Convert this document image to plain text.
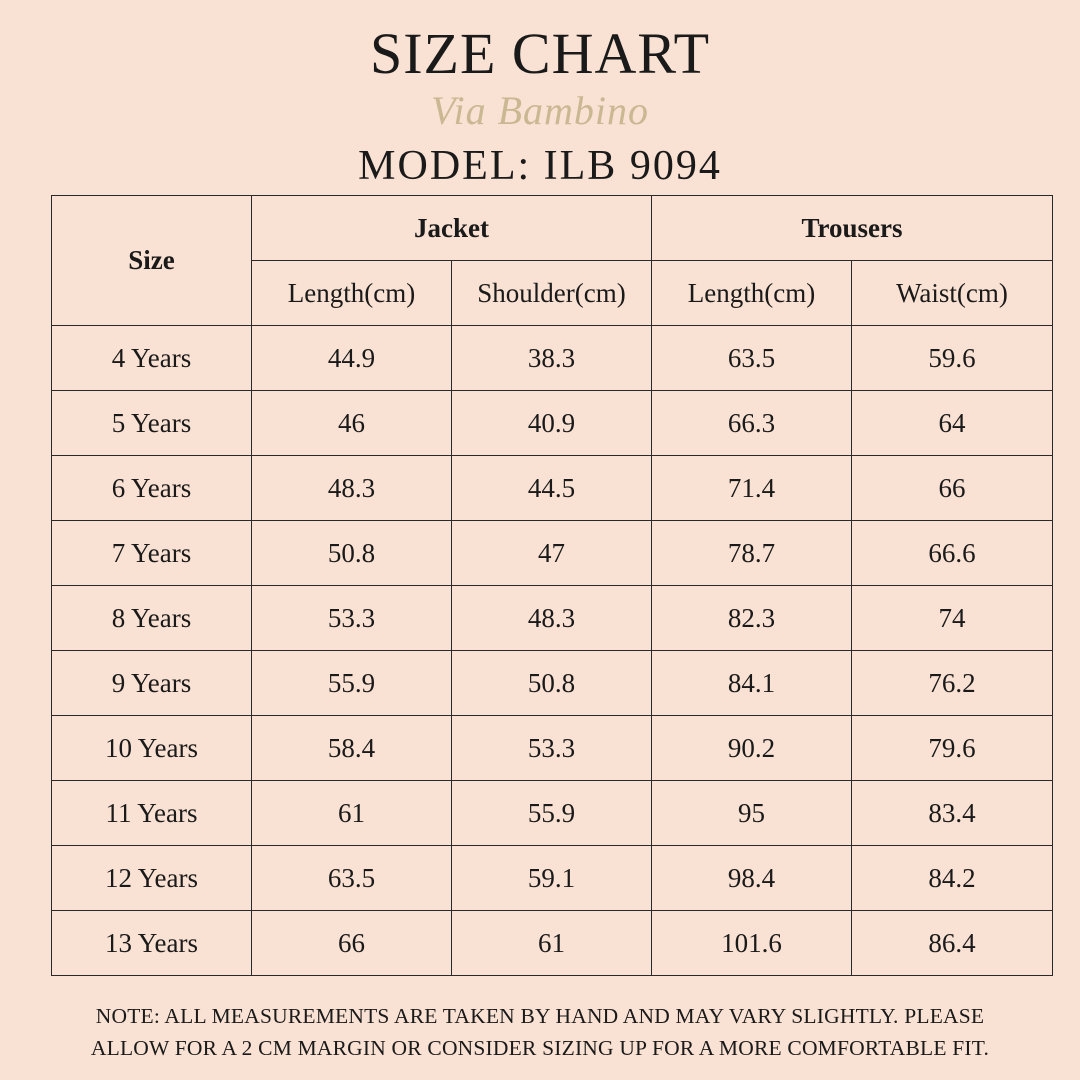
SIZE CHART
Via Bambino
MODEL: ILB 9094
Size	Jacket		Trousers	
	Length(cm)	Shoulder(cm)	Length(cm)	Waist(cm)
4 Years	44.9	38.3	63.5	59.6
5 Years	46	40.9	66.3	64
6 Years	48.3	44.5	71.4	66
7 Years	50.8	47	78.7	66.6
8 Years	53.3	48.3	82.3	74
9 Years	55.9	50.8	84.1	76.2
10 Years	58.4	53.3	90.2	79.6
11 Years	61	55.9	95	83.4
12 Years	63.5	59.1	98.4	84.2
13 Years	66	61	101.6	86.4
NOTE: ALL MEASUREMENTS ARE TAKEN BY HAND AND MAY VARY SLIGHTLY. PLEASE
ALLOW FOR A 2 CM MARGIN OR CONSIDER SIZING UP FOR A MORE COMFORTABLE FIT.
